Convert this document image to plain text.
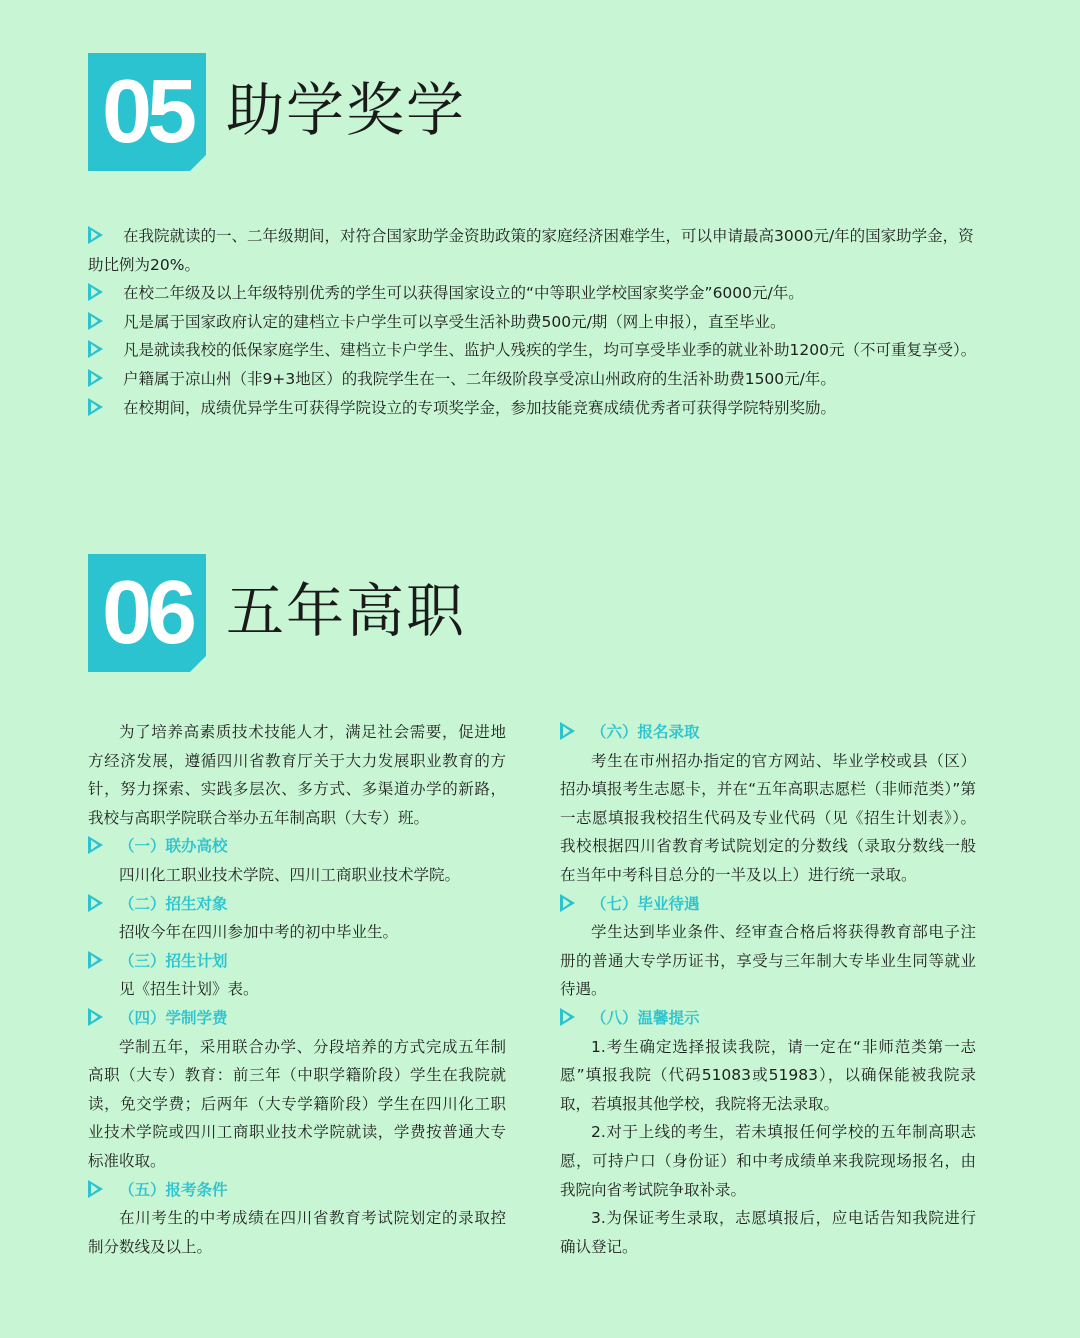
05 助学奖学
在我院就读的一、二年级期间，对符合国家助学金资助政策的家庭经济困难学生，可以申请最高3000元/年的国家助学金，资助比例为20%。
在校二年级及以上年级特别优秀的学生可以获得国家设立的“中等职业学校国家奖学金”6000元/年。
凡是属于国家政府认定的建档立卡户学生可以享受生活补助费500元/期（网上申报），直至毕业。
凡是就读我校的低保家庭学生、建档立卡户学生、监护人残疾的学生，均可享受毕业季的就业补助1200元（不可重复享受）。
户籍属于凉山州（非9+3地区）的我院学生在一、二年级阶段享受凉山州政府的生活补助费1500元/年。
在校期间，成绩优异学生可获得学院设立的专项奖学金，参加技能竞赛成绩优秀者可获得学院特别奖励。
06 五年高职

为了培养高素质技术技能人才，满足社会需要，促进地方经济发展，遵循四川省教育厅关于大力发展职业教育的方针，努力探索、实践多层次、多方式、多渠道办学的新路，我校与高职学院联合举办五年制高职（大专）班。

（一）联办高校

四川化工职业技术学院、四川工商职业技术学院。

（二）招生对象

招收今年在四川参加中考的初中毕业生。

（三）招生计划

见《招生计划》表。

（四）学制学费

学制五年，采用联合办学、分段培养的方式完成五年制高职（大专）教育：前三年（中职学籍阶段）学生在我院就读，免交学费；后两年（大专学籍阶段）学生在四川化工职业技术学院或四川工商职业技术学院就读，学费按普通大专标准收取。

（五）报考条件

在川考生的中考成绩在四川省教育考试院划定的录取控制分数线及以上。

（六）报名录取

考生在市州招办指定的官方网站、毕业学校或县（区）招办填报考生志愿卡，并在“五年高职志愿栏（非师范类）”第一志愿填报我校招生代码及专业代码（见《招生计划表》）。我校根据四川省教育考试院划定的分数线（录取分数线一般在当年中考科目总分的一半及以上）进行统一录取。

（七）毕业待遇

学生达到毕业条件、经审查合格后将获得教育部电子注册的普通大专学历证书，享受与三年制大专毕业生同等就业待遇。

（八）温馨提示

1.考生确定选择报读我院，请一定在“非师范类第一志愿”填报我院（代码51083或51983），以确保能被我院录取，若填报其他学校，我院将无法录取。

2.对于上线的考生，若未填报任何学校的五年制高职志愿，可持户口（身份证）和中考成绩单来我院现场报名，由我院向省考试院争取补录。

3.为保证考生录取，志愿填报后，应电话告知我院进行确认登记。
